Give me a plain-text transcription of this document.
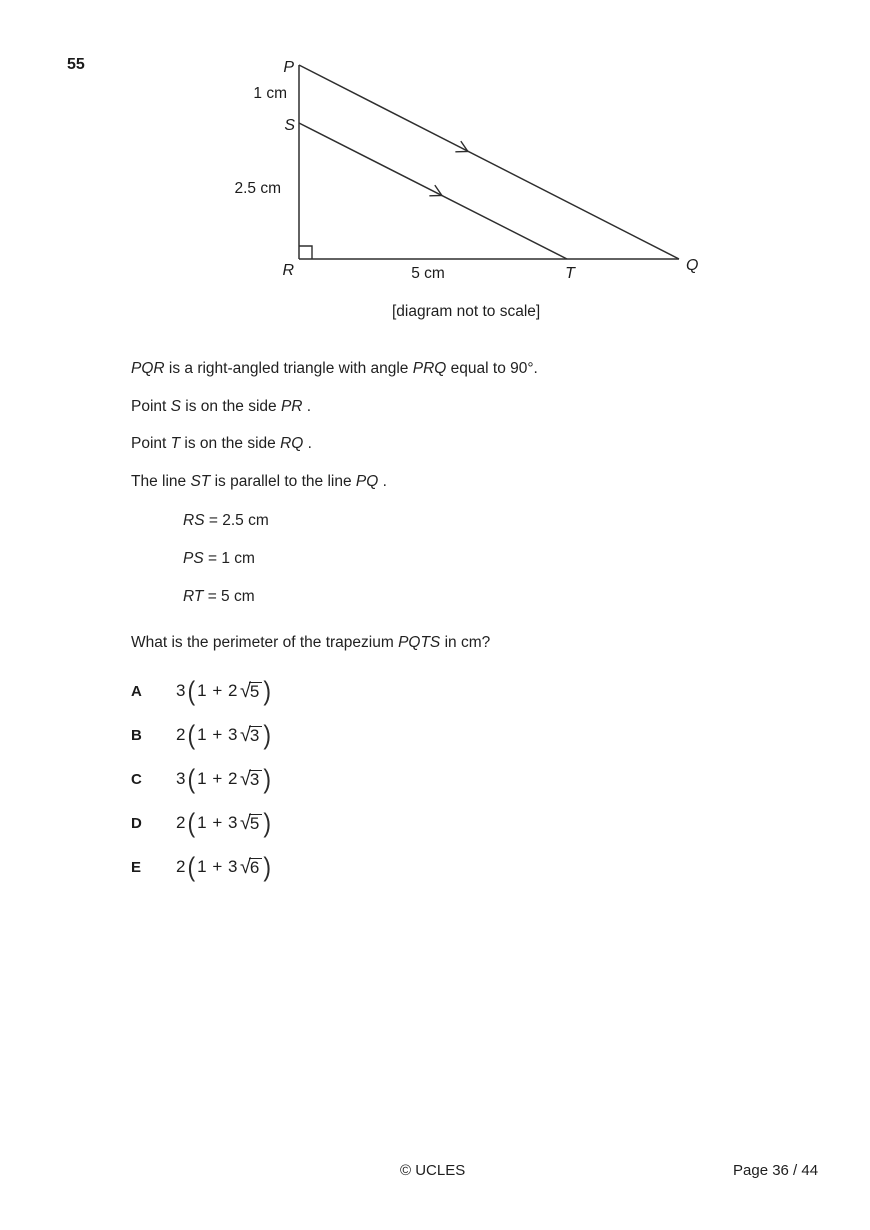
55	P
S
R	T	Q
1 cm
2.5 cm
5 cm
[diagram not to scale]
PQR is a right-angled triangle with angle PRQ equal to 90°.
Point S is on the side PR .
Point T is on the side RQ .
The line ST is parallel to the line PQ .
RS = 2.5 cm
PS = 1 cm
RT = 5 cm
What is the perimeter of the trapezium PQTS in cm?
A	3 ( 1 + 2 √ 5 )
B	2 ( 1 + 3 √ 3 )
C	3 ( 1 + 2 √ 3 )
D	2 ( 1 + 3 √ 5 )
E	2 ( 1 + 3 √ 6 )
© UCLES	Page 36 / 44
